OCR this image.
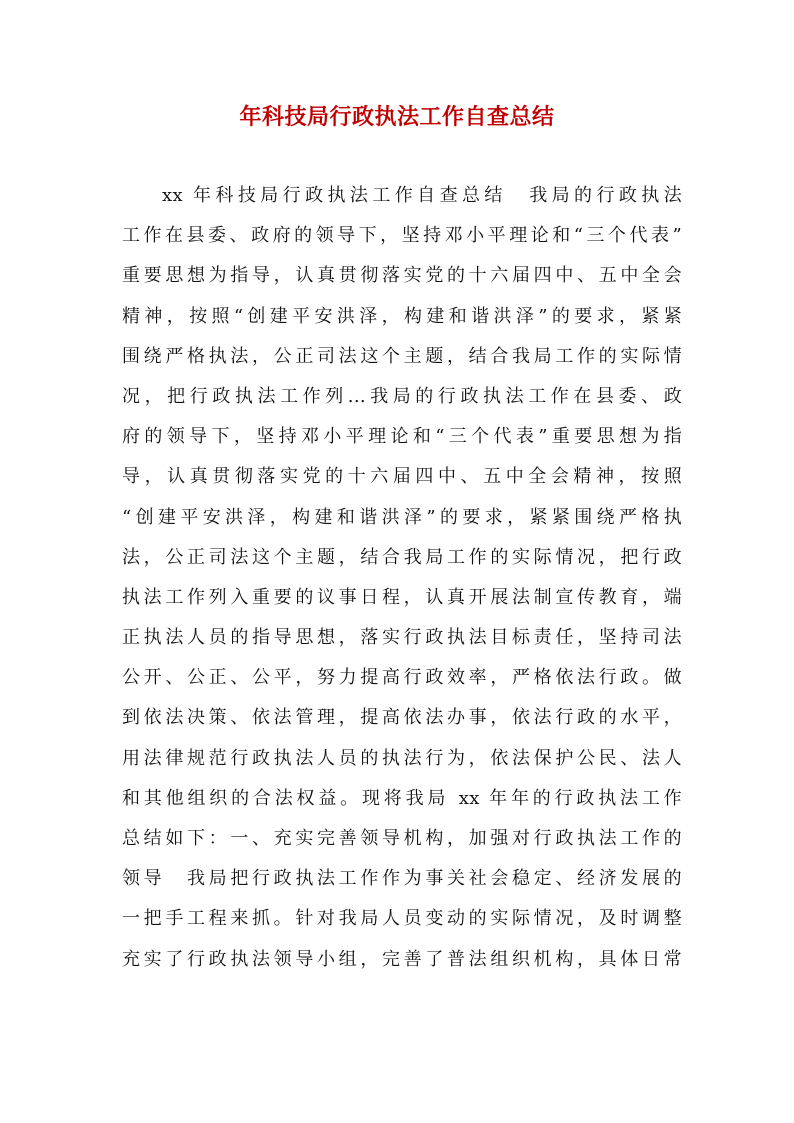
年科技局行政执法工作自查总结
xx 年科技局行政执法工作自查总结　我局的行政执法
工作在县委、政府的领导下，坚持邓小平理论和“三个代表”
重要思想为指导，认真贯彻落实党的十六届四中、五中全会
精神，按照“创建平安洪泽，构建和谐洪泽”的要求，紧紧
围绕严格执法，公正司法这个主题，结合我局工作的实际情
况，把行政执法工作列...我局的行政执法工作在县委、政
府的领导下，坚持邓小平理论和“三个代表”重要思想为指
导，认真贯彻落实党的十六届四中、五中全会精神，按照
“创建平安洪泽，构建和谐洪泽”的要求，紧紧围绕严格执
法，公正司法这个主题，结合我局工作的实际情况，把行政
执法工作列入重要的议事日程，认真开展法制宣传教育，端
正执法人员的指导思想，落实行政执法目标责任，坚持司法
公开、公正、公平，努力提高行政效率，严格依法行政。做
到依法决策、依法管理，提高依法办事，依法行政的水平，
用法律规范行政执法人员的执法行为，依法保护公民、法人
和其他组织的合法权益。现将我局 xx 年年的行政执法工作
总结如下：一、充实完善领导机构，加强对行政执法工作的
领导　我局把行政执法工作作为事关社会稳定、经济发展的
一把手工程来抓。针对我局人员变动的实际情况，及时调整
充实了行政执法领导小组，完善了普法组织机构，具体日常
